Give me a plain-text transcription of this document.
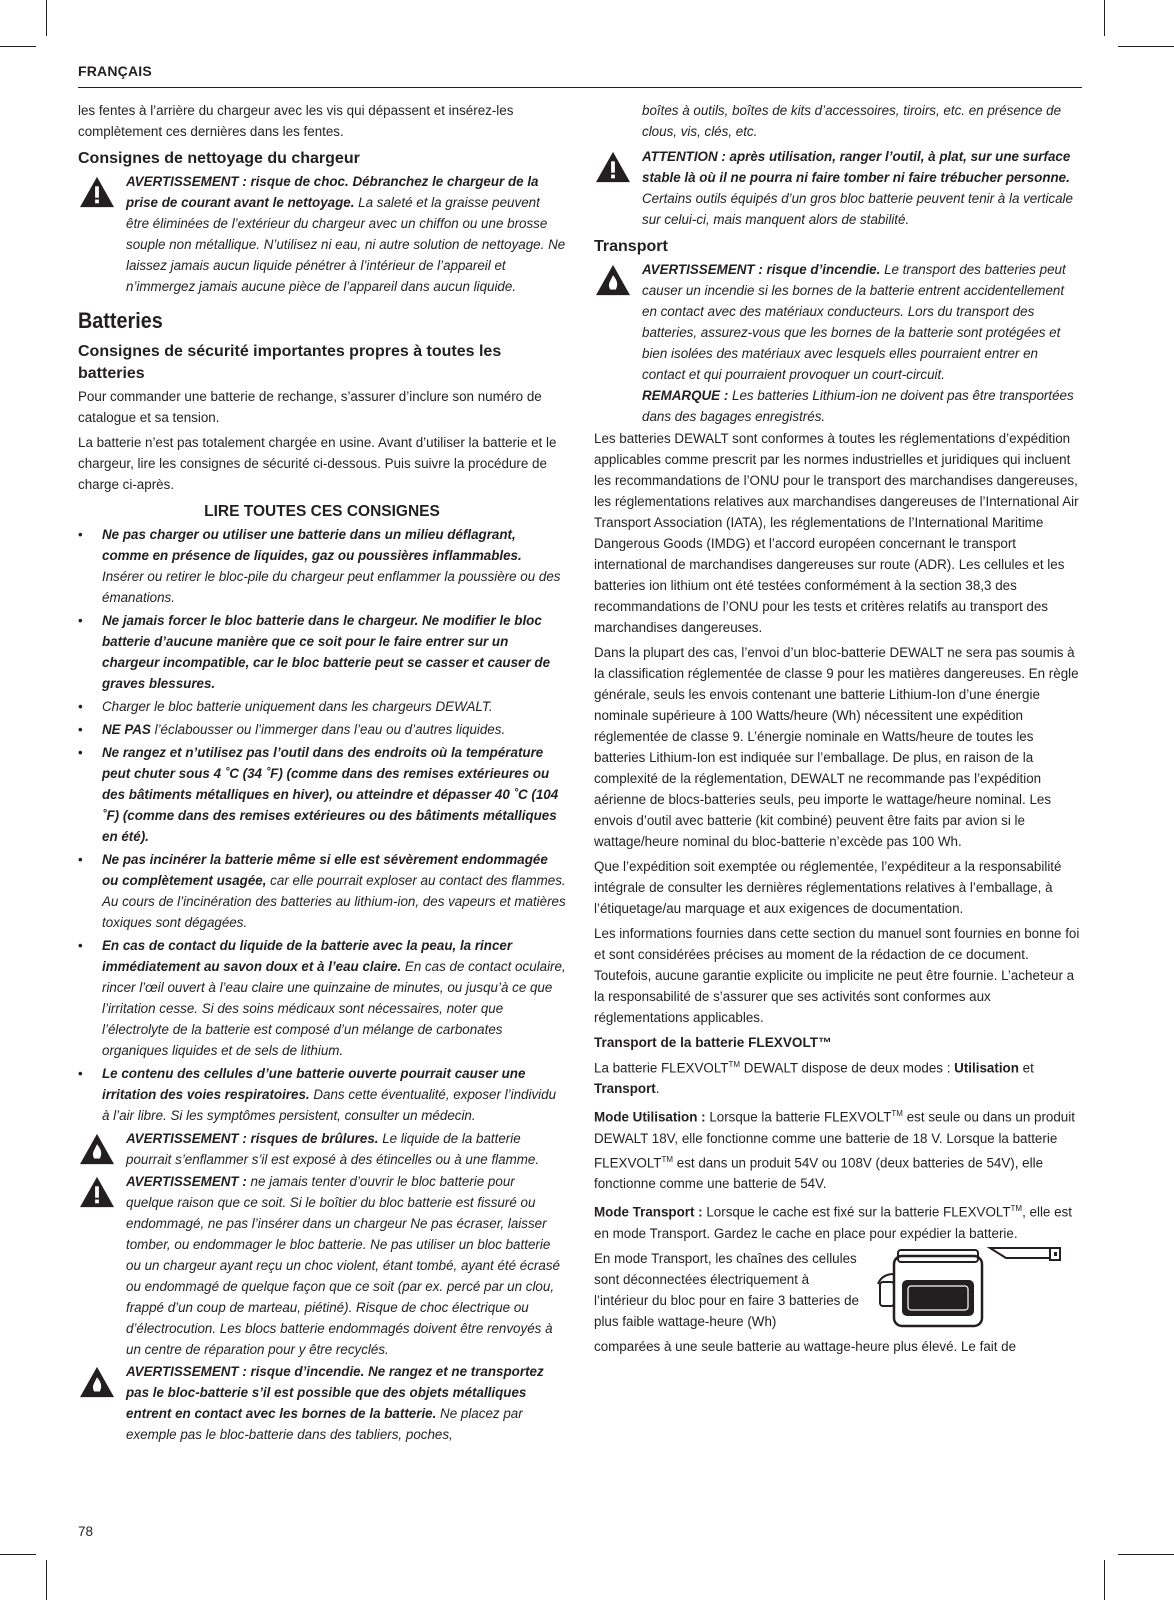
FRANÇAIS

les fentes à l’arrière du chargeur avec les vis qui dépassent et insérez-les complètement ces dernières dans les fentes.

Consignes de nettoyage du chargeur
AVERTISSEMENT : risque de choc. Débranchez le chargeur de la prise de courant avant le nettoyage. La saleté et la graisse peuvent être éliminées de l’extérieur du chargeur avec un chiffon ou une brosse souple non métallique. N’utilisez ni eau, ni autre solution de nettoyage. Ne laissez jamais aucun liquide pénétrer à l’intérieur de l’appareil et n’immergez jamais aucune pièce de l’appareil dans aucun liquide.
Batteries
Consignes de sécurité importantes propres à toutes les batteries

Pour commander une batterie de rechange, s’assurer d’inclure son numéro de catalogue et sa tension.

La batterie n’est pas totalement chargée en usine. Avant d’utiliser la batterie et le chargeur, lire les consignes de sécurité ci-dessous. Puis suivre la procédure de charge ci-après.

LIRE TOUTES CES CONSIGNES
• Ne pas charger ou utiliser une batterie dans un milieu déflagrant, comme en présence de liquides, gaz ou poussières inflammables. Insérer ou retirer le bloc-pile du chargeur peut enflammer la poussière ou des émanations.
• Ne jamais forcer le bloc batterie dans le chargeur. Ne modifier le bloc batterie d’aucune manière que ce soit pour le faire entrer sur un chargeur incompatible, car le bloc batterie peut se casser et causer de graves blessures.
• Charger le bloc batterie uniquement dans les chargeurs DEWALT.
• NE PAS l’éclabousser ou l’immerger dans l’eau ou d’autres liquides.
• Ne rangez et n’utilisez pas l’outil dans des endroits où la température peut chuter sous 4 ˚C (34 ˚F) (comme dans des remises extérieures ou des bâtiments métalliques en hiver), ou atteindre et dépasser 40 ˚C (104 ˚F) (comme dans des remises extérieures ou des bâtiments métalliques en été).
• Ne pas incinérer la batterie même si elle est sévèrement endommagée ou complètement usagée, car elle pourrait exploser au contact des flammes. Au cours de l’incinération des batteries au lithium-ion, des vapeurs et matières toxiques sont dégagées.
• En cas de contact du liquide de la batterie avec la peau, la rincer immédiatement au savon doux et à l’eau claire. En cas de contact oculaire, rincer l’œil ouvert à l’eau claire une quinzaine de minutes, ou jusqu’à ce que l’irritation cesse. Si des soins médicaux sont nécessaires, noter que l’électrolyte de la batterie est composé d’un mélange de carbonates organiques liquides et de sels de lithium.
• Le contenu des cellules d’une batterie ouverte pourrait causer une irritation des voies respiratoires. Dans cette éventualité, exposer l’individu à l’air libre. Si les symptômes persistent, consulter un médecin.
AVERTISSEMENT : risques de brûlures. Le liquide de la batterie pourrait s’enflammer s’il est exposé à des étincelles ou à une flamme.
AVERTISSEMENT : ne jamais tenter d’ouvrir le bloc batterie pour quelque raison que ce soit. Si le boîtier du bloc batterie est fissuré ou endommagé, ne pas l’insérer dans un chargeur Ne pas écraser, laisser tomber, ou endommager le bloc batterie. Ne pas utiliser un bloc batterie ou un chargeur ayant reçu un choc violent, étant tombé, ayant été écrasé ou endommagé de quelque façon que ce soit (par ex. percé par un clou, frappé d’un coup de marteau, piétiné). Risque de choc électrique ou d’électrocution. Les blocs batterie endommagés doivent être renvoyés à un centre de réparation pour y être recyclés.
AVERTISSEMENT : risque d’incendie. Ne rangez et ne transportez pas le bloc-batterie s’il est possible que des objets métalliques entrent en contact avec les bornes de la batterie. Ne placez par exemple pas le bloc-batterie dans des tabliers, poches,

boîtes à outils, boîtes de kits d’accessoires, tiroirs, etc. en présence de clous, vis, clés, etc.

ATTENTION : après utilisation, ranger l’outil, à plat, sur une surface stable là où il ne pourra ni faire tomber ni faire trébucher personne. Certains outils équipés d’un gros bloc batterie peuvent tenir à la verticale sur celui-ci, mais manquent alors de stabilité.
Transport
AVERTISSEMENT : risque d’incendie. Le transport des batteries peut causer un incendie si les bornes de la batterie entrent accidentellement en contact avec des matériaux conducteurs. Lors du transport des batteries, assurez-vous que les bornes de la batterie sont protégées et bien isolées des matériaux avec lesquels elles pourraient entrer en contact et qui pourraient provoquer un court-circuit.
REMARQUE : Les batteries Lithium-ion ne doivent pas être transportées dans des bagages enregistrés.

Les batteries DEWALT sont conformes à toutes les réglementations d’expédition applicables comme prescrit par les normes industrielles et juridiques qui incluent les recommandations de l’ONU pour le transport des marchandises dangereuses, les réglementations relatives aux marchandises dangereuses de l’International Air Transport Association (IATA), les réglementations de l’International Maritime Dangerous Goods (IMDG) et l’accord européen concernant le transport international de marchandises dangereuses sur route (ADR). Les cellules et les batteries ion lithium ont été testées conformément à la section 38,3 des recommandations de l’ONU pour les tests et critères relatifs au transport des marchandises dangereuses.

Dans la plupart des cas, l’envoi d’un bloc-batterie DEWALT ne sera pas soumis à la classification réglementée de classe 9 pour les matières dangereuses. En règle générale, seuls les envois contenant une batterie Lithium-Ion d’une énergie nominale supérieure à 100 Watts/heure (Wh) nécessitent une expédition réglementée de classe 9. L’énergie nominale en Watts/heure de toutes les batteries Lithium-Ion est indiquée sur l’emballage. De plus, en raison de la complexité de la réglementation, DEWALT ne recommande pas l’expédition aérienne de blocs-batteries seuls, peu importe le wattage/heure nominal. Les envois d’outil avec batterie (kit combiné) peuvent être faits par avion si le wattage/heure nominal du bloc-batterie n’excède pas 100 Wh.

Que l’expédition soit exemptée ou réglementée, l’expéditeur a la responsabilité intégrale de consulter les dernières réglementations relatives à l’emballage, à l’étiquetage/au marquage et aux exigences de documentation.

Les informations fournies dans cette section du manuel sont fournies en bonne foi et sont considérées précises au moment de la rédaction de ce document. Toutefois, aucune garantie explicite ou implicite ne peut être fournie. L’acheteur a la responsabilité de s’assurer que ses activités sont conformes aux réglementations applicables.

Transport de la batterie FLEXVOLT™

La batterie FLEXVOLT™ DEWALT dispose de deux modes : Utilisation et Transport.

Mode Utilisation : Lorsque la batterie FLEXVOLT™ est seule ou dans un produit DEWALT 18V, elle fonctionne comme une batterie de 18 V. Lorsque la batterie FLEXVOLT™ est dans un produit 54V ou 108V (deux batteries de 54V), elle fonctionne comme une batterie de 54V.

Mode Transport : Lorsque le cache est fixé sur la batterie FLEXVOLT™, elle est en mode Transport. Gardez le cache en place pour expédier la batterie.

En mode Transport, les chaînes des cellules sont déconnectées électriquement à l’intérieur du bloc pour en faire 3 batteries de plus faible wattage-heure (Wh)

comparées à une seule batterie au wattage-heure plus élevé. Le fait de

78
